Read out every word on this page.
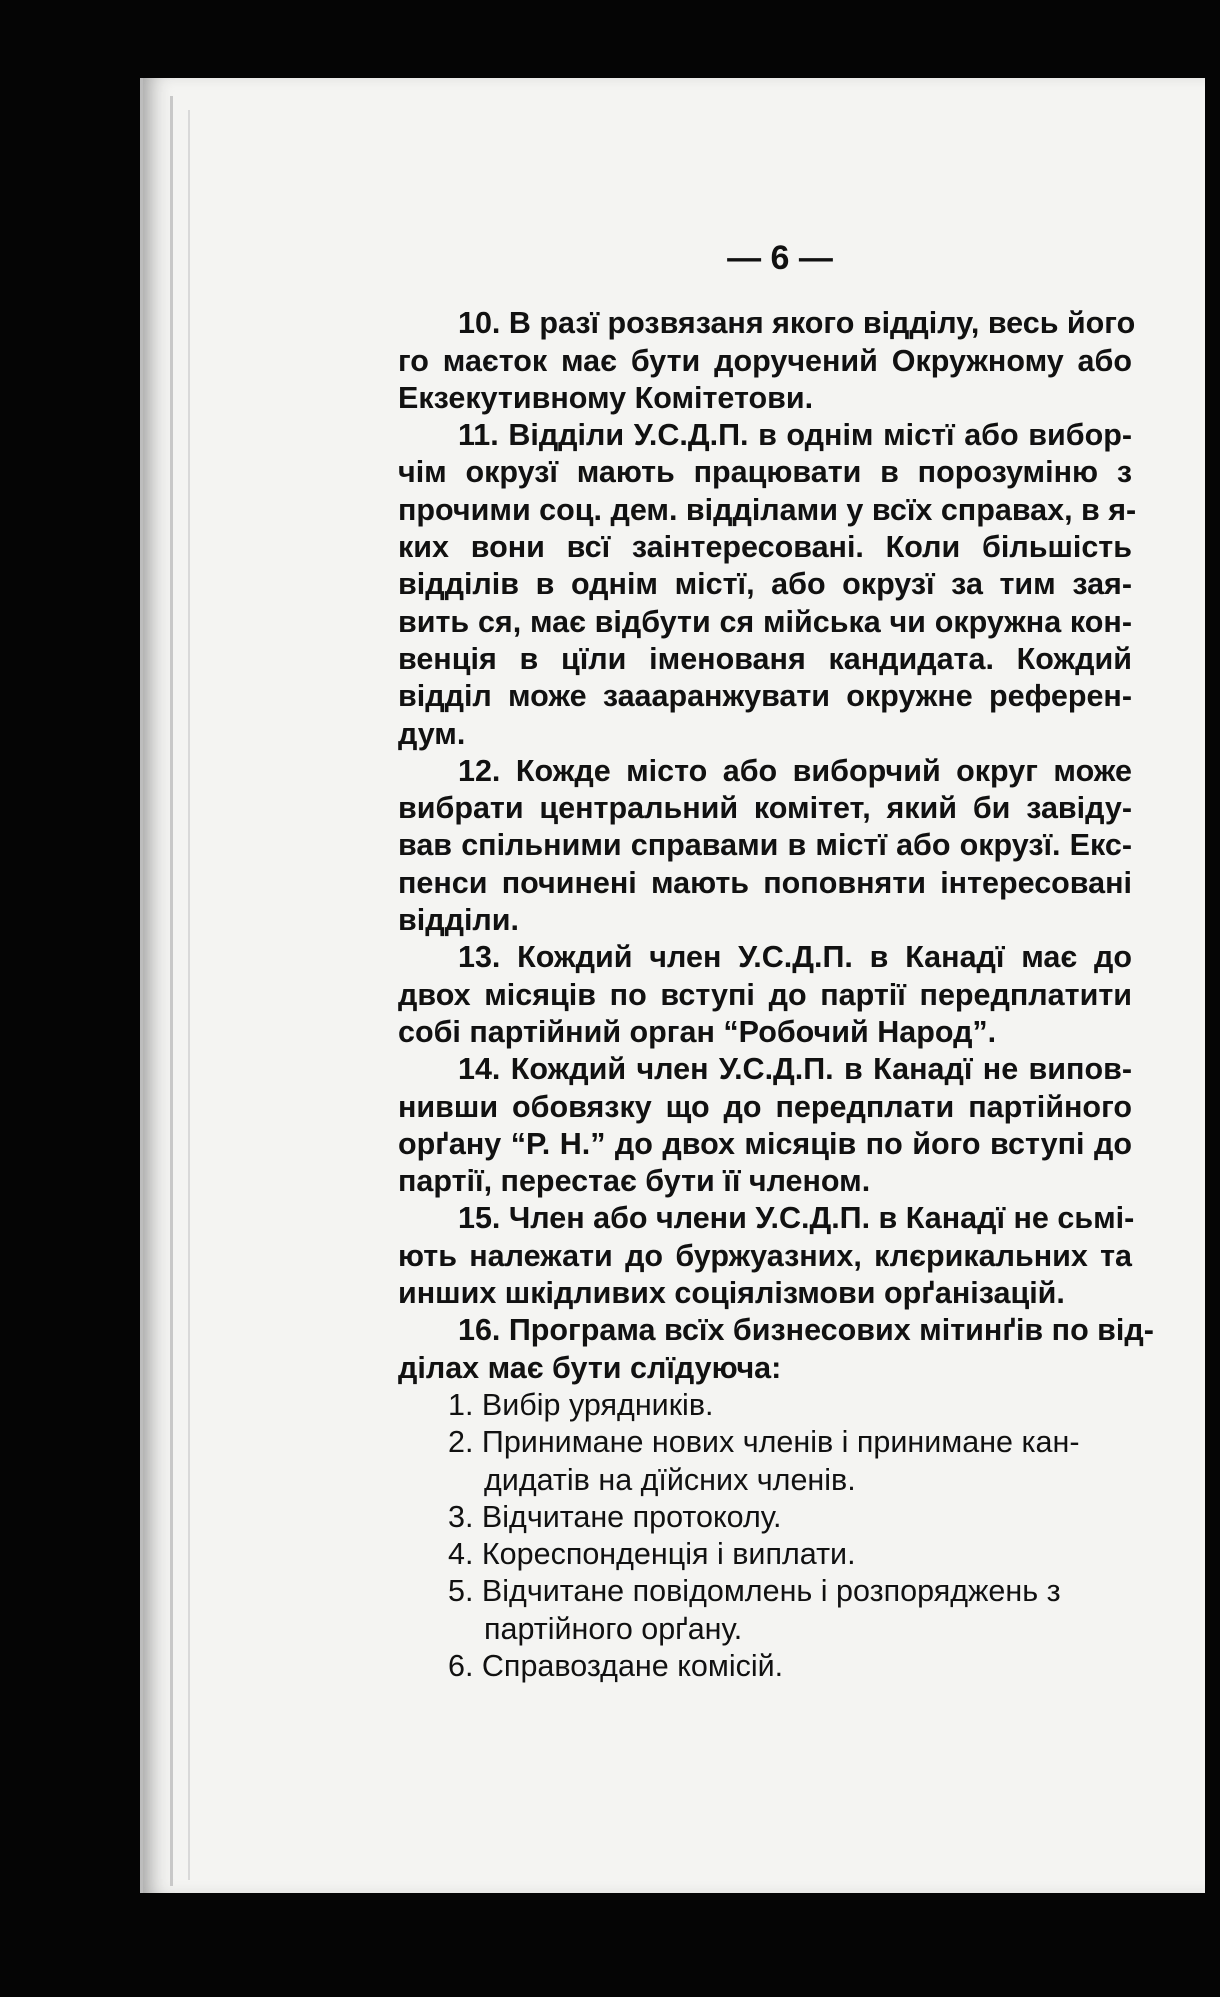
— 6 —
10. В разї розвязаня якого вiддiлу, весь його
го маєток має бути доручений Окружному або
Екзекутивному Комiтетови.
11. Вiддiли У.С.Д.П. в однiм мiстї або вибор-
чiм окрузї мають працювати в порозумiню з
прочими соц. дем. вiддiлами у всїх справах, в я-
ких вони всї заiнтересованi. Коли бiльшiсть
вiддiлiв в однiм мiстї, або окрузї за тим зая-
вить ся, має вiдбути ся мiйська чи окружна кон-
венцiя в цїли iменованя кандидата. Кождий
вiддiл може заааранжувати окружне референ-
дум.
12. Кожде мiсто або виборчий округ може
вибрати центральний комiтет, який би завiду-
вав спiльними справами в мiстї або окрузї. Екс-
пенси починенi мають поповняти iнтересованi
вiддiли.
13. Кождий член У.С.Д.П. в Канадї має до
двох мiсяцiв по вступi до партiї передплатити
собi партiйний орган “Робочий Народ”.
14. Кождий член У.С.Д.П. в Канадї не випов-
нивши обовязку що до передплати партiйного
орґану “Р. Н.” до двох мiсяцiв по його вступi до
партiї, перестає бути її членом.
15. Член або члени У.С.Д.П. в Канадї не сьмi-
ють належати до буржуазних, клєрикальних та
инших шкiдливих соцiялiзмови орґанiзацiй.
16. Програма всїх бизнесових мiтинґiв по вiд-
дiлах має бути слїдуюча:
1. Вибiр урядникiв.
2. Принимане нових членiв i принимане кан-
дидатiв на дїйсних членiв.
3. Вiдчитане протоколу.
4. Кореспонденцiя i виплати.
5. Вiдчитане повiдомлень i розпоряджень з
партiйного орґану.
6. Справоздане комiсiй.
